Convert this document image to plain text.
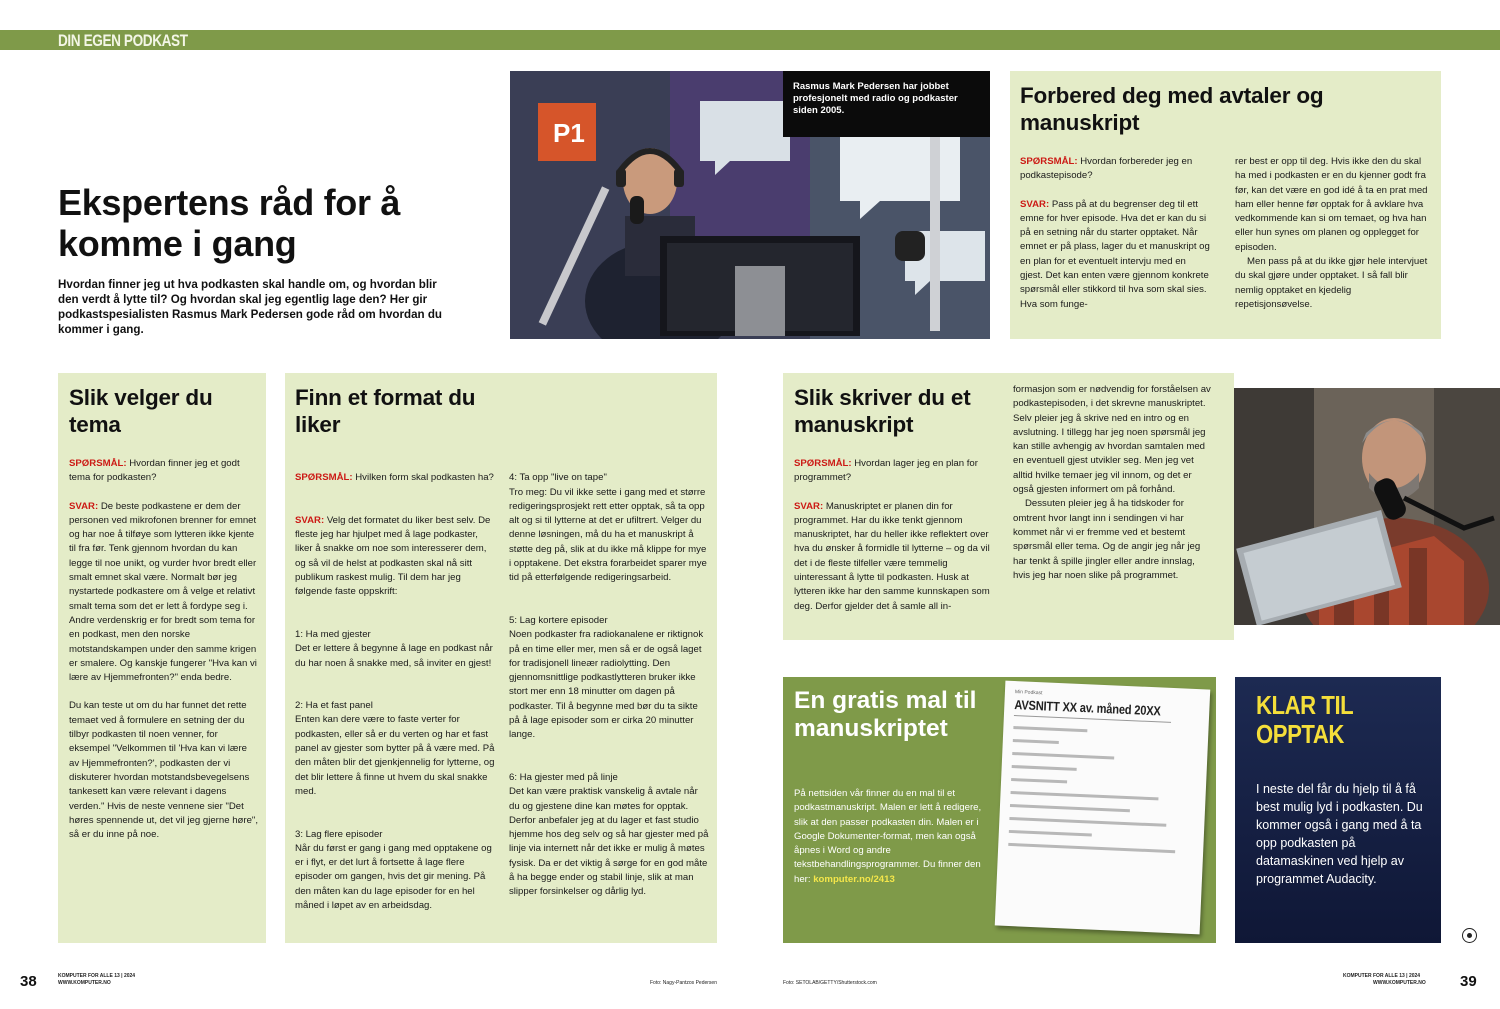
DIN EGEN PODKAST
Ekspertens råd for å komme i gang

Hvordan finner jeg ut hva podkasten skal handle om, og hvordan blir den verdt å lytte til? Og hvordan skal jeg egentlig lage den? Her gir podkastspesialisten Rasmus Mark Pedersen gode råd om hvordan du kommer i gang.

P1
Rasmus Mark Pedersen har jobbet profesjonelt med radio og podkaster siden 2005.
Forbered deg med avtaler og manuskript

SPØRSMÅL: Hvordan forbereder jeg en podkastepisode?

SVAR: Pass på at du begrenser deg til ett emne for hver episode. Hva det er kan du si på en setning når du starter opptaket. Når emnet er på plass, lager du et manuskript og en plan for et eventuelt intervju med en gjest. Det kan enten være gjennom konkrete spørsmål eller stikkord til hva som skal sies. Hva som funge-

rer best er opp til deg. Hvis ikke den du skal ha med i podkasten er en du kjenner godt fra før, kan det være en god idé å ta en prat med ham eller henne før opptak for å avklare hva vedkommende kan si om temaet, og hva han eller hun synes om planen og opplegget for episoden.

Men pass på at du ikke gjør hele intervjuet du skal gjøre under opptaket. I så fall blir nemlig opptaket en kjedelig repetisjonsøvelse.

Slik velger du tema

SPØRSMÅL: Hvordan finner jeg et godt tema for podkasten?

SVAR: De beste podkastene er dem der personen ved mikrofonen brenner for emnet og har noe å tilføye som lytteren ikke kjente til fra før. Tenk gjennom hvordan du kan legge til noe unikt, og vurder hvor bredt eller smalt emnet skal være. Normalt bør jeg nystartede podkastere om å velge et relativt smalt tema som det er lett å fordype seg i. Andre verdenskrig er for bredt som tema for en podkast, men den norske motstandskampen under den samme krigen er smalere. Og kanskje fungerer "Hva kan vi lære av Hjemmefronten?" enda bedre.

Du kan teste ut om du har funnet det rette temaet ved å formulere en setning der du tilbyr podkasten til noen venner, for eksempel "Velkommen til 'Hva kan vi lære av Hjemmefronten?', podkasten der vi diskuterer hvordan motstandsbevegelsens tankesett kan være relevant i dagens verden." Hvis de neste vennene sier "Det høres spennende ut, det vil jeg gjerne høre", så er du inne på noe.

Finn et format du liker

SPØRSMÅL: Hvilken form skal podkasten ha?

SVAR: Velg det formatet du liker best selv. De fleste jeg har hjulpet med å lage podkaster, liker å snakke om noe som interesserer dem, og så vil de helst at podkasten skal nå sitt publikum raskest mulig. Til dem har jeg følgende faste oppskrift:

1: Ha med gjester
Det er lettere å begynne å lage en podkast når du har noen å snakke med, så inviter en gjest!

2: Ha et fast panel
Enten kan dere være to faste verter for podkasten, eller så er du verten og har et fast panel av gjester som bytter på å være med. På den måten blir det gjenkjennelig for lytterne, og det blir lettere å finne ut hvem du skal snakke med.

3: Lag flere episoder
Når du først er gang i gang med opptakene og er i flyt, er det lurt å fortsette å lage flere episoder om gangen, hvis det gir mening. På den måten kan du lage episoder for en hel måned i løpet av en arbeidsdag.

4: Ta opp "live on tape"
Tro meg: Du vil ikke sette i gang med et større redigeringsprosjekt rett etter opptak, så ta opp alt og si til lytterne at det er ufiltrert. Velger du denne løsningen, må du ha et manuskript å støtte deg på, slik at du ikke må klippe for mye i opptakene. Det ekstra forarbeidet sparer mye tid på etterfølgende redigeringsarbeid.

5: Lag kortere episoder
Noen podkaster fra radiokanalene er riktignok på en time eller mer, men så er de også laget for tradisjonell lineær radiolytting. Den gjennomsnittlige podkastlytteren bruker ikke stort mer enn 18 minutter om dagen på podkaster. Til å begynne med bør du ta sikte på å lage episoder som er cirka 20 minutter lange.

6: Ha gjester med på linje
Det kan være praktisk vanskelig å avtale når du og gjestene dine kan møtes for opptak. Derfor anbefaler jeg at du lager et fast studio hjemme hos deg selv og så har gjester med på linje via internett når det ikke er mulig å møtes fysisk. Da er det viktig å sørge for en god måte å ha begge ender og stabil linje, slik at man slipper forsinkelser og dårlig lyd.

Slik skriver du et manuskript

SPØRSMÅL: Hvordan lager jeg en plan for programmet?

SVAR: Manuskriptet er planen din for programmet. Har du ikke tenkt gjennom manuskriptet, har du heller ikke reflektert over hva du ønsker å formidle til lytterne – og da vil det i de fleste tilfeller være temmelig uinteressant å lytte til podkasten. Husk at lytteren ikke har den samme kunnskapen som deg. Derfor gjelder det å samle all in-

formasjon som er nødvendig for forståelsen av podkastepisoden, i det skrevne manuskriptet. Selv pleier jeg å skrive ned en intro og en avslutning. I tillegg har jeg noen spørsmål jeg kan stille avhengig av hvordan samtalen med en eventuell gjest utvikler seg. Men jeg vet alltid hvilke temaer jeg vil innom, og det er også gjesten informert om på forhånd.

Dessuten pleier jeg å ha tidskoder for omtrent hvor langt inn i sendingen vi har kommet når vi er fremme ved et bestemt spørsmål eller tema. Og de angir jeg når jeg har tenkt å spille jingler eller andre innslag, hvis jeg har noen slike på programmet.

En gratis mal til manuskriptet

På nettsiden vår finner du en mal til et podkastmanuskript. Malen er lett å redigere, slik at den passer podkasten din. Malen er i Google Dokumenter-format, men kan også åpnes i Word og andre tekstbehandlingsprogrammer. Du finner den her: komputer.no/2413

Min Podkast
AVSNITT XX av. måned 20XX	KLAR TIL OPPTAK
I neste del får du hjelp til å få best mulig lyd i podkasten. Du kommer også i gang med å ta opp podkasten på datamaskinen ved hjelp av programmet Audacity.
38	KOMPUTER FOR ALLE 13 | 2024
WWW.KOMPUTER.NO	Foto: Nagy-Pantzos Pedersen	Foto: SETOLAB/GETTY/Shutterstock.com
KOMPUTER FOR ALLE 13 | 2024
WWW.KOMPUTER.NO 39
